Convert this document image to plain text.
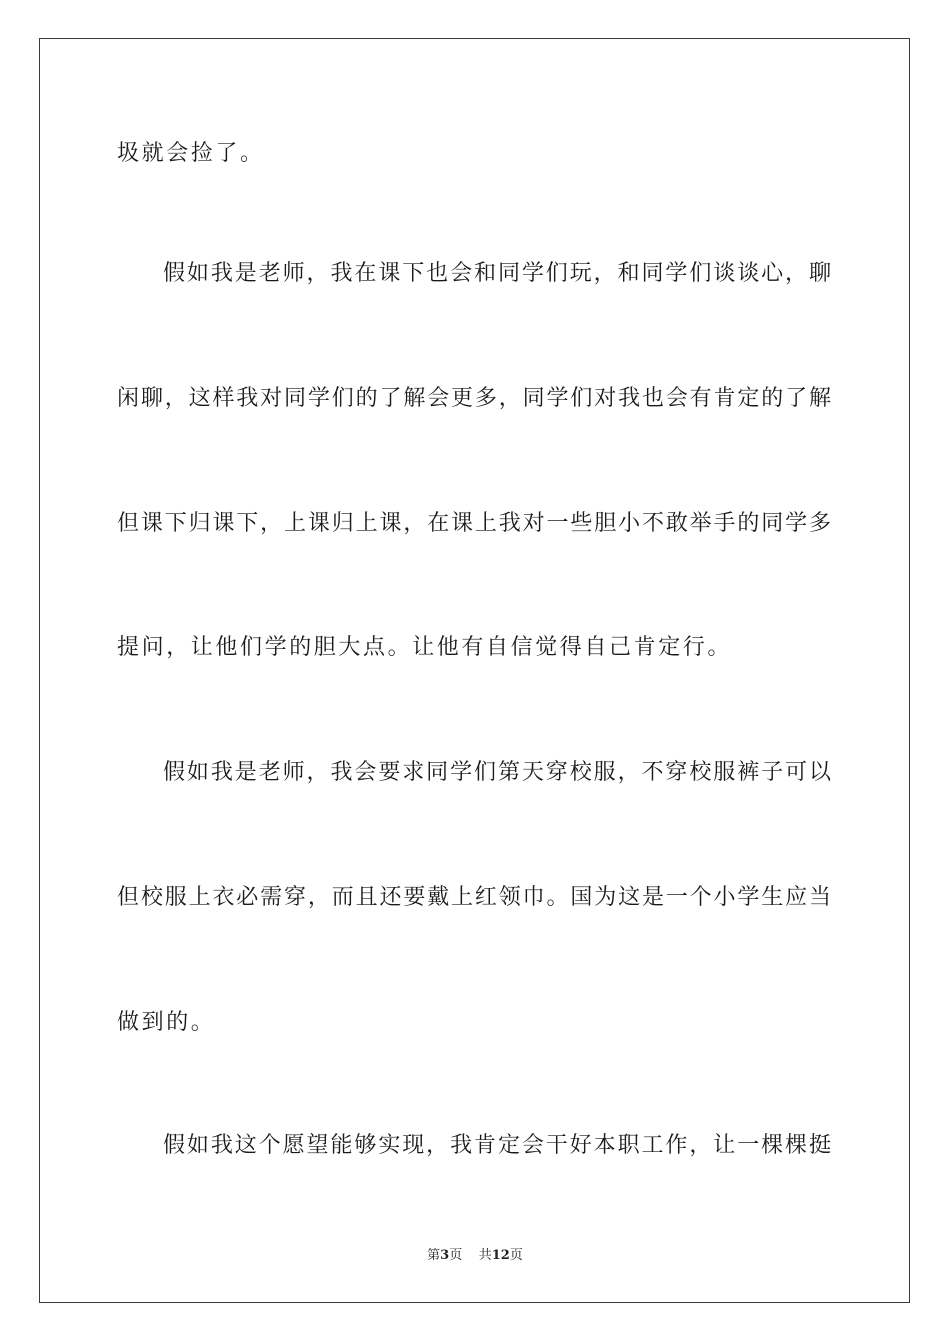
圾就会捡了。
假如我是老师，我在课下也会和同学们玩，和同学们谈谈心，聊
闲聊，这样我对同学们的了解会更多，同学们对我也会有肯定的了解
但课下归课下，上课归上课，在课上我对一些胆小不敢举手的同学多
提问，让他们学的胆大点。让他有自信觉得自己肯定行。
假如我是老师，我会要求同学们第天穿校服，不穿校服裤子可以
但校服上衣必需穿，而且还要戴上红领巾。国为这是一个小学生应当
做到的。
假如我这个愿望能够实现，我肯定会干好本职工作，让一棵棵挺
第3页 共12页
